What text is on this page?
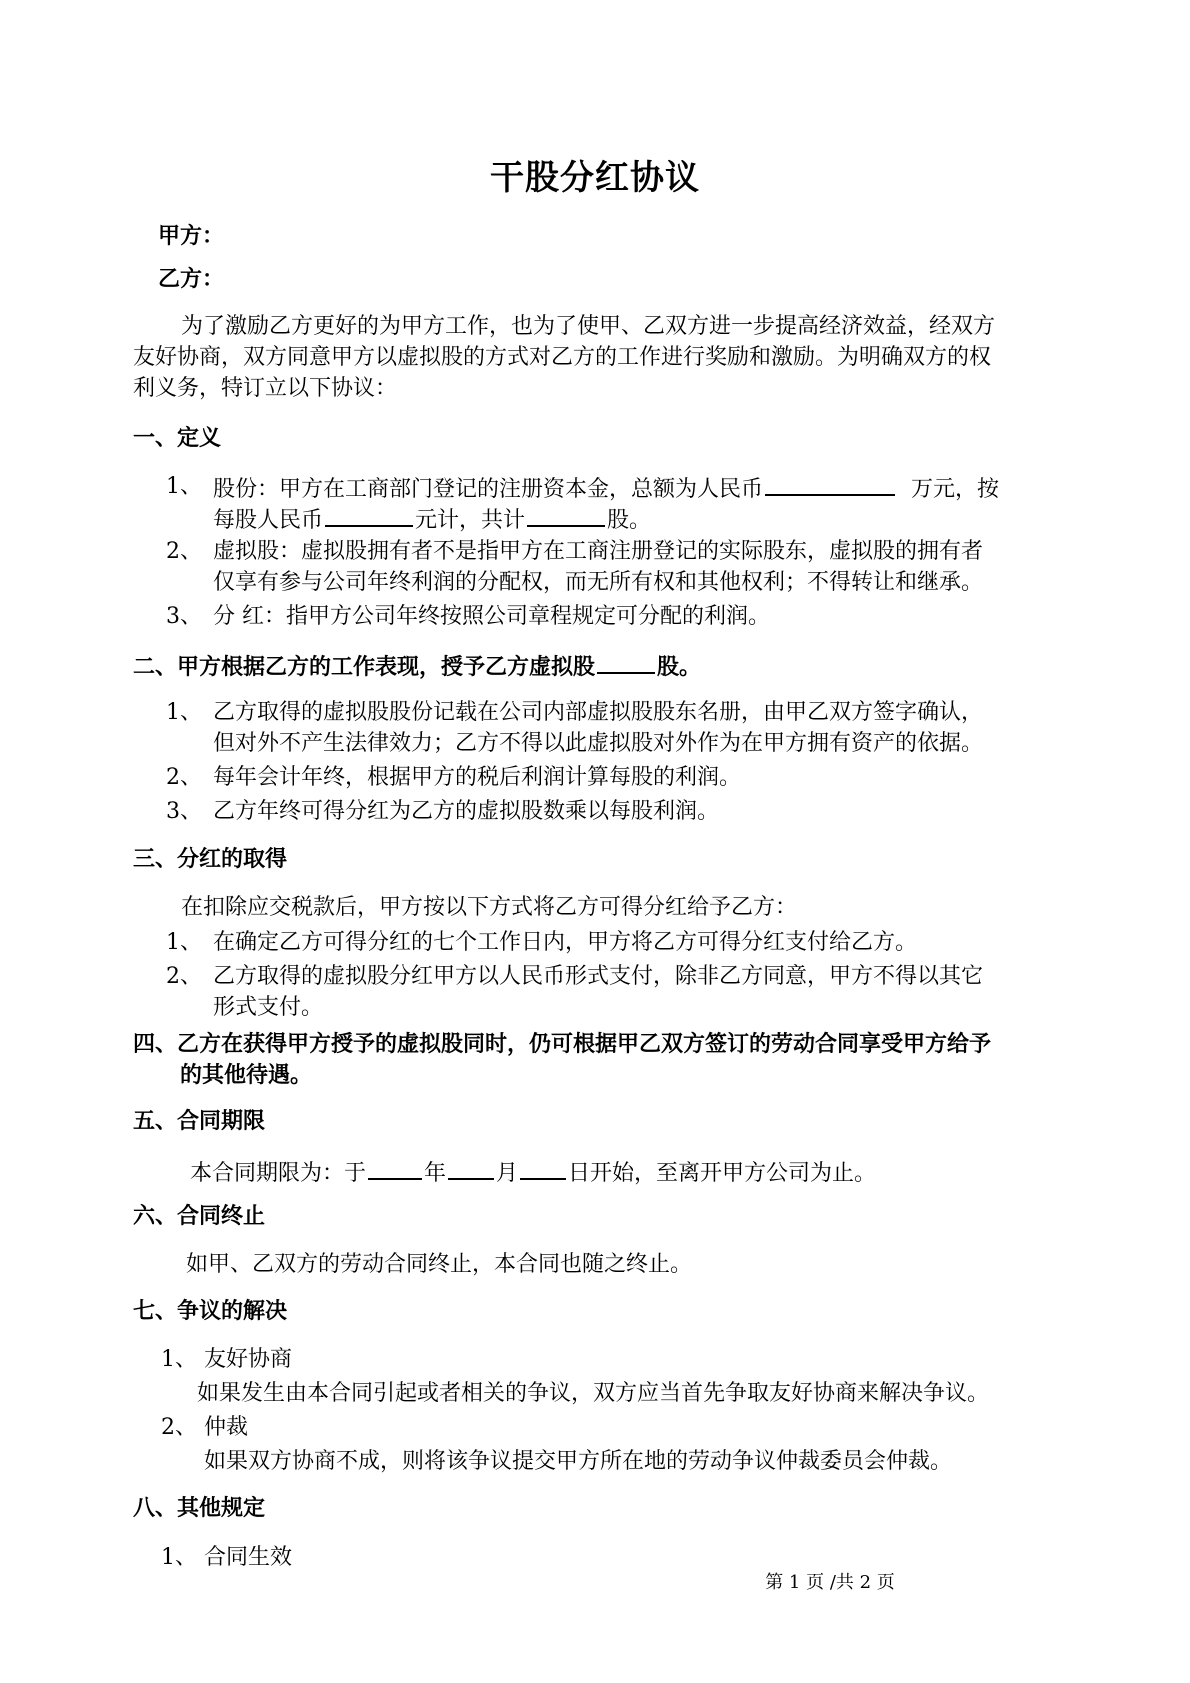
干股分红协议
甲方：
乙方：
为了激励乙方更好的为甲方工作，也为了使甲、乙双方进一步提高经济效益，经双方
友好协商，双方同意甲方以虚拟股的方式对乙方的工作进行奖励和激励。为明确双方的权
利义务，特订立以下协议：
一、定义
1、 股份：甲方在工商部门登记的注册资本金，总额为人民币	万元，按
每股人民币	元计，共计	股。
2、 虚拟股：虚拟股拥有者不是指甲方在工商注册登记的实际股东，虚拟股的拥有者
仅享有参与公司年终利润的分配权，而无所有权和其他权利；不得转让和继承。
3、 分 红：指甲方公司年终按照公司章程规定可分配的利润。
二、甲方根据乙方的工作表现，授予乙方虚拟股	股。
1、 乙方取得的虚拟股股份记载在公司内部虚拟股股东名册，由甲乙双方签字确认，
但对外不产生法律效力；乙方不得以此虚拟股对外作为在甲方拥有资产的依据。
2、 每年会计年终，根据甲方的税后利润计算每股的利润。
3、 乙方年终可得分红为乙方的虚拟股数乘以每股利润。
三、分红的取得
在扣除应交税款后，甲方按以下方式将乙方可得分红给予乙方：
1、 在确定乙方可得分红的七个工作日内，甲方将乙方可得分红支付给乙方。
2、 乙方取得的虚拟股分红甲方以人民币形式支付，除非乙方同意，甲方不得以其它
形式支付。
四、乙方在获得甲方授予的虚拟股同时，仍可根据甲乙双方签订的劳动合同享受甲方给予
的其他待遇。
五、合同期限
本合同期限为：于	年 月 日开始，至离开甲方公司为止。
六、合同终止
如甲、乙双方的劳动合同终止，本合同也随之终止。
七、争议的解决
1、 友好协商
如果发生由本合同引起或者相关的争议，双方应当首先争取友好协商来解决争议。
2、 仲裁
如果双方协商不成，则将该争议提交甲方所在地的劳动争议仲裁委员会仲裁。
八、其他规定
1、 合同生效
第 1 页 /共 2 页
